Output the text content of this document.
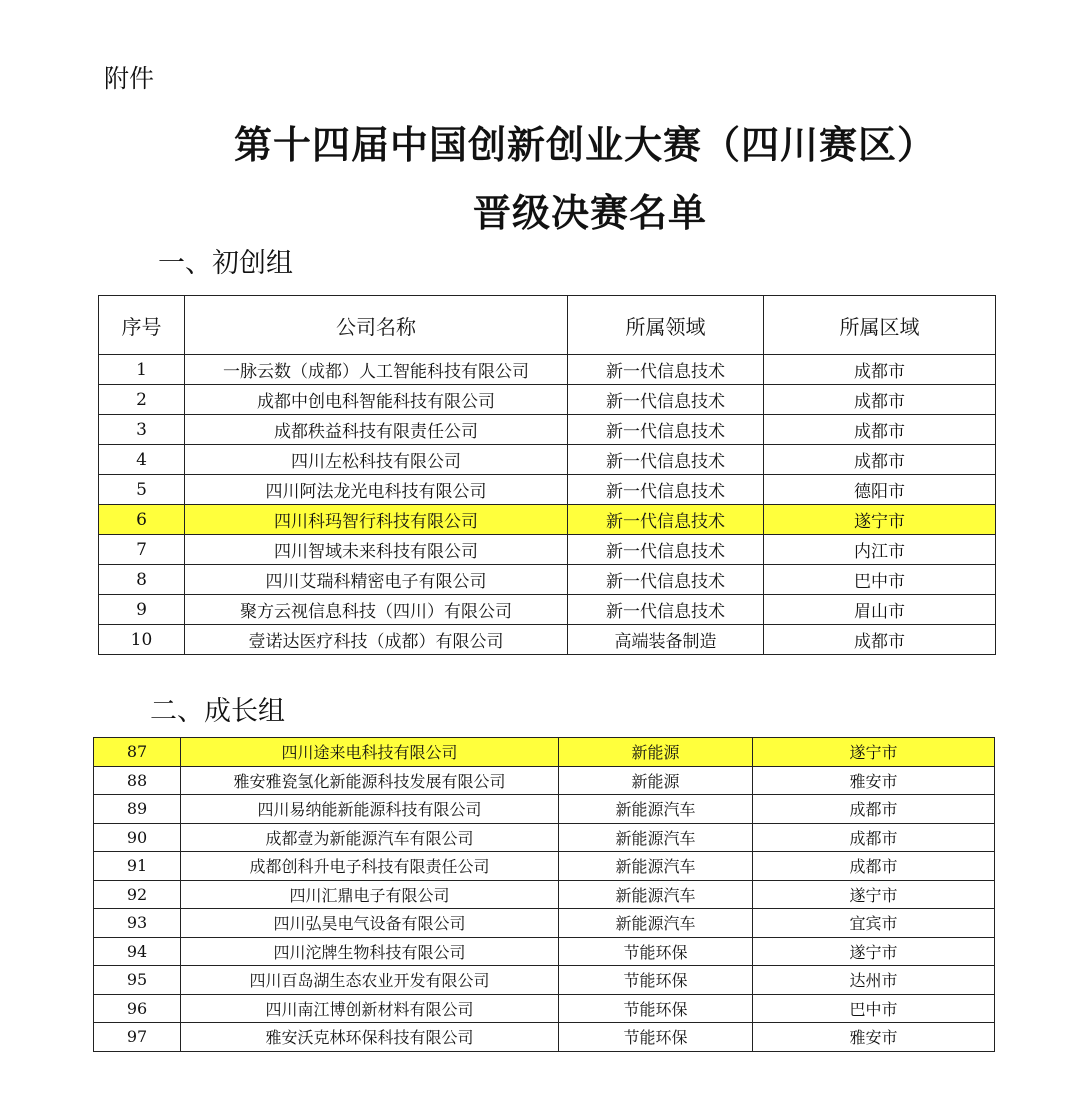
附件
第十四届中国创新创业大赛（四川赛区）
晋级决赛名单
一、初创组
序号	公司名称	所属领域	所属区域
1	一脉云数（成都）人工智能科技有限公司	新一代信息技术	成都市
2	成都中创电科智能科技有限公司	新一代信息技术	成都市
3	成都秩益科技有限责任公司	新一代信息技术	成都市
4	四川左松科技有限公司	新一代信息技术	成都市
5	四川阿法龙光电科技有限公司	新一代信息技术	德阳市
6	四川科玛智行科技有限公司	新一代信息技术	遂宁市
7	四川智域未来科技有限公司	新一代信息技术	内江市
8	四川艾瑞科精密电子有限公司	新一代信息技术	巴中市
9	聚方云视信息科技（四川）有限公司	新一代信息技术	眉山市
10	壹诺达医疗科技（成都）有限公司	高端装备制造	成都市
二、成长组
87	四川途来电科技有限公司	新能源	遂宁市
88	雅安雅瓷氢化新能源科技发展有限公司	新能源	雅安市
89	四川易纳能新能源科技有限公司	新能源汽车	成都市
90	成都壹为新能源汽车有限公司	新能源汽车	成都市
91	成都创科升电子科技有限责任公司	新能源汽车	成都市
92	四川汇鼎电子有限公司	新能源汽车	遂宁市
93	四川弘昊电气设备有限公司	新能源汽车	宜宾市
94	四川沱牌生物科技有限公司	节能环保	遂宁市
95	四川百岛湖生态农业开发有限公司	节能环保	达州市
96	四川南江博创新材料有限公司	节能环保	巴中市
97	雅安沃克林环保科技有限公司	节能环保	雅安市
